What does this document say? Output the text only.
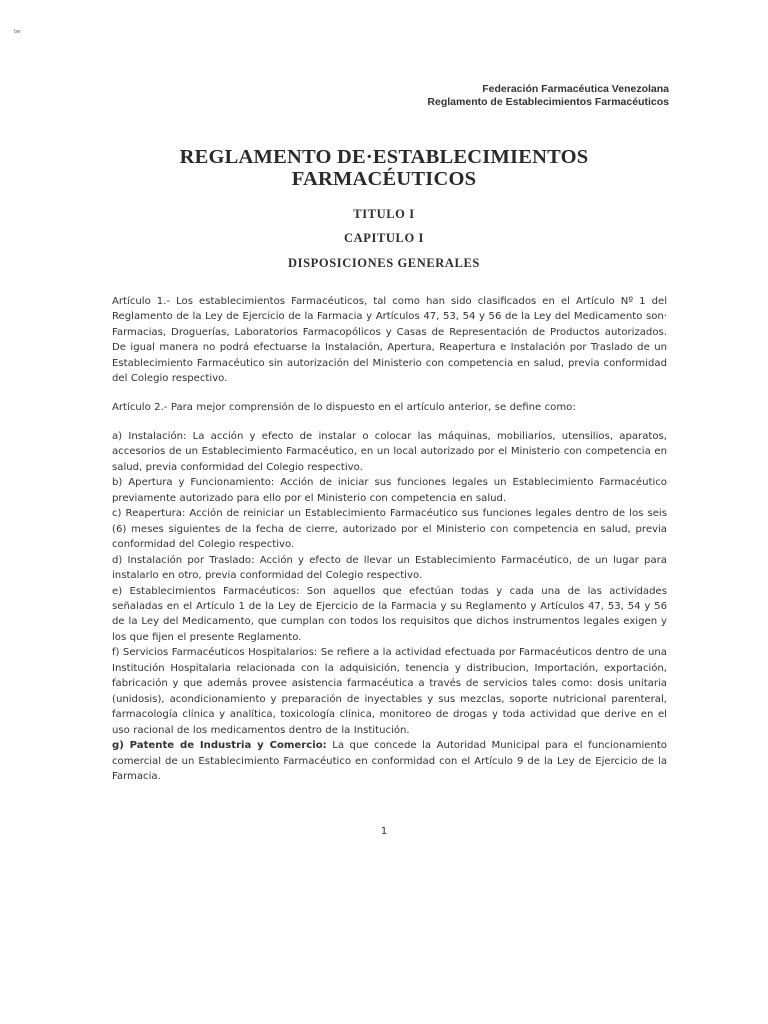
bw
Federación Farmacéutica Venezolana
Reglamento de Establecimientos Farmacéuticos
REGLAMENTO DE·ESTABLECIMIENTOS
FARMACÉUTICOS
TITULO I
CAPITULO I
DISPOSICIONES GENERALES

Artículo 1.- Los establecimientos Farmacéuticos, tal como han sido clasificados en el Artículo Nº 1 del Reglamento de la Ley de Ejercicio de la Farmacia y Artículos 47, 53, 54 y 56 de la Ley del Medicamento son· Farmacias, Droguerías, Laboratorios Farmacopólicos y Casas de Representación de Productos autorizados. De igual manera no podrá efectuarse la Instalación, Apertura, Reapertura e Instalación por Traslado de un Establecimiento Farmacéutico sin autorización del Ministerio con competencia en salud, previa conformidad del Colegio respectivo.

Artículo 2.- Para mejor comprensión de lo dispuesto en el artículo anterior, se define como:

a) Instalación: La acción y efecto de instalar o colocar las máquinas, mobiliarios, utensilios, aparatos, accesorios de un Establecimiento Farmacéutico, en un local autorizado por el Ministerio con competencia en salud, previa conformidad del Colegio respectivo.

b) Apertura y Funcionamiento: Acción de iniciar sus funciones legales un Establecimiento Farmacéutico previamente autorizado para ello por el Ministerio con competencia en salud.

c) Reapertura: Acción de reiniciar un Establecimiento Farmacéutico sus funciones legales dentro de los seis (6) meses siguientes de la fecha de cierre, autorizado por el Ministerio con competencia en salud, previa conformidad del Colegio respectivo.

d) Instalación por Traslado: Acción y efecto de llevar un Establecimiento Farmacéutico, de un lugar para instalarlo en otro, previa conformidad del Colegio respectivo.

e) Establecimientos Farmacéuticos: Son aquellos que efectúan todas y cada una de las actividades señaladas en el Artículo 1 de la Ley de Ejercicio de la Farmacia y su Reglamento y Artículos 47, 53, 54 y 56 de la Ley del Medicamento, que cumplan con todos los requisitos que dichos instrumentos legales exigen y los que fijen el presente Reglamento.

f) Servicios Farmacéuticos Hospitalarios: Se refiere a la actividad efectuada por Farmacéuticos dentro de una Institución Hospitalaria relacionada con la adquisición, tenencia y distribucion, Importación, exportación, fabricación y que además provee asistencia farmacéutica a través de servicios tales como: dosis unitaria (unidosis), acondicionamiento y preparación de inyectables y sus mezclas, soporte nutricional parenteral, farmacología clínica y analítica, toxicología clínica, monitoreo de drogas y toda actividad que derive en el uso racional de los medicamentos dentro de la Institución.

g) Patente de Industria y Comercio: La que concede la Autoridad Municipal para el funcionamiento comercial de un Establecimiento Farmacéutico en conformidad con el Artículo 9 de la Ley de Ejercicio de la Farmacia.

1
